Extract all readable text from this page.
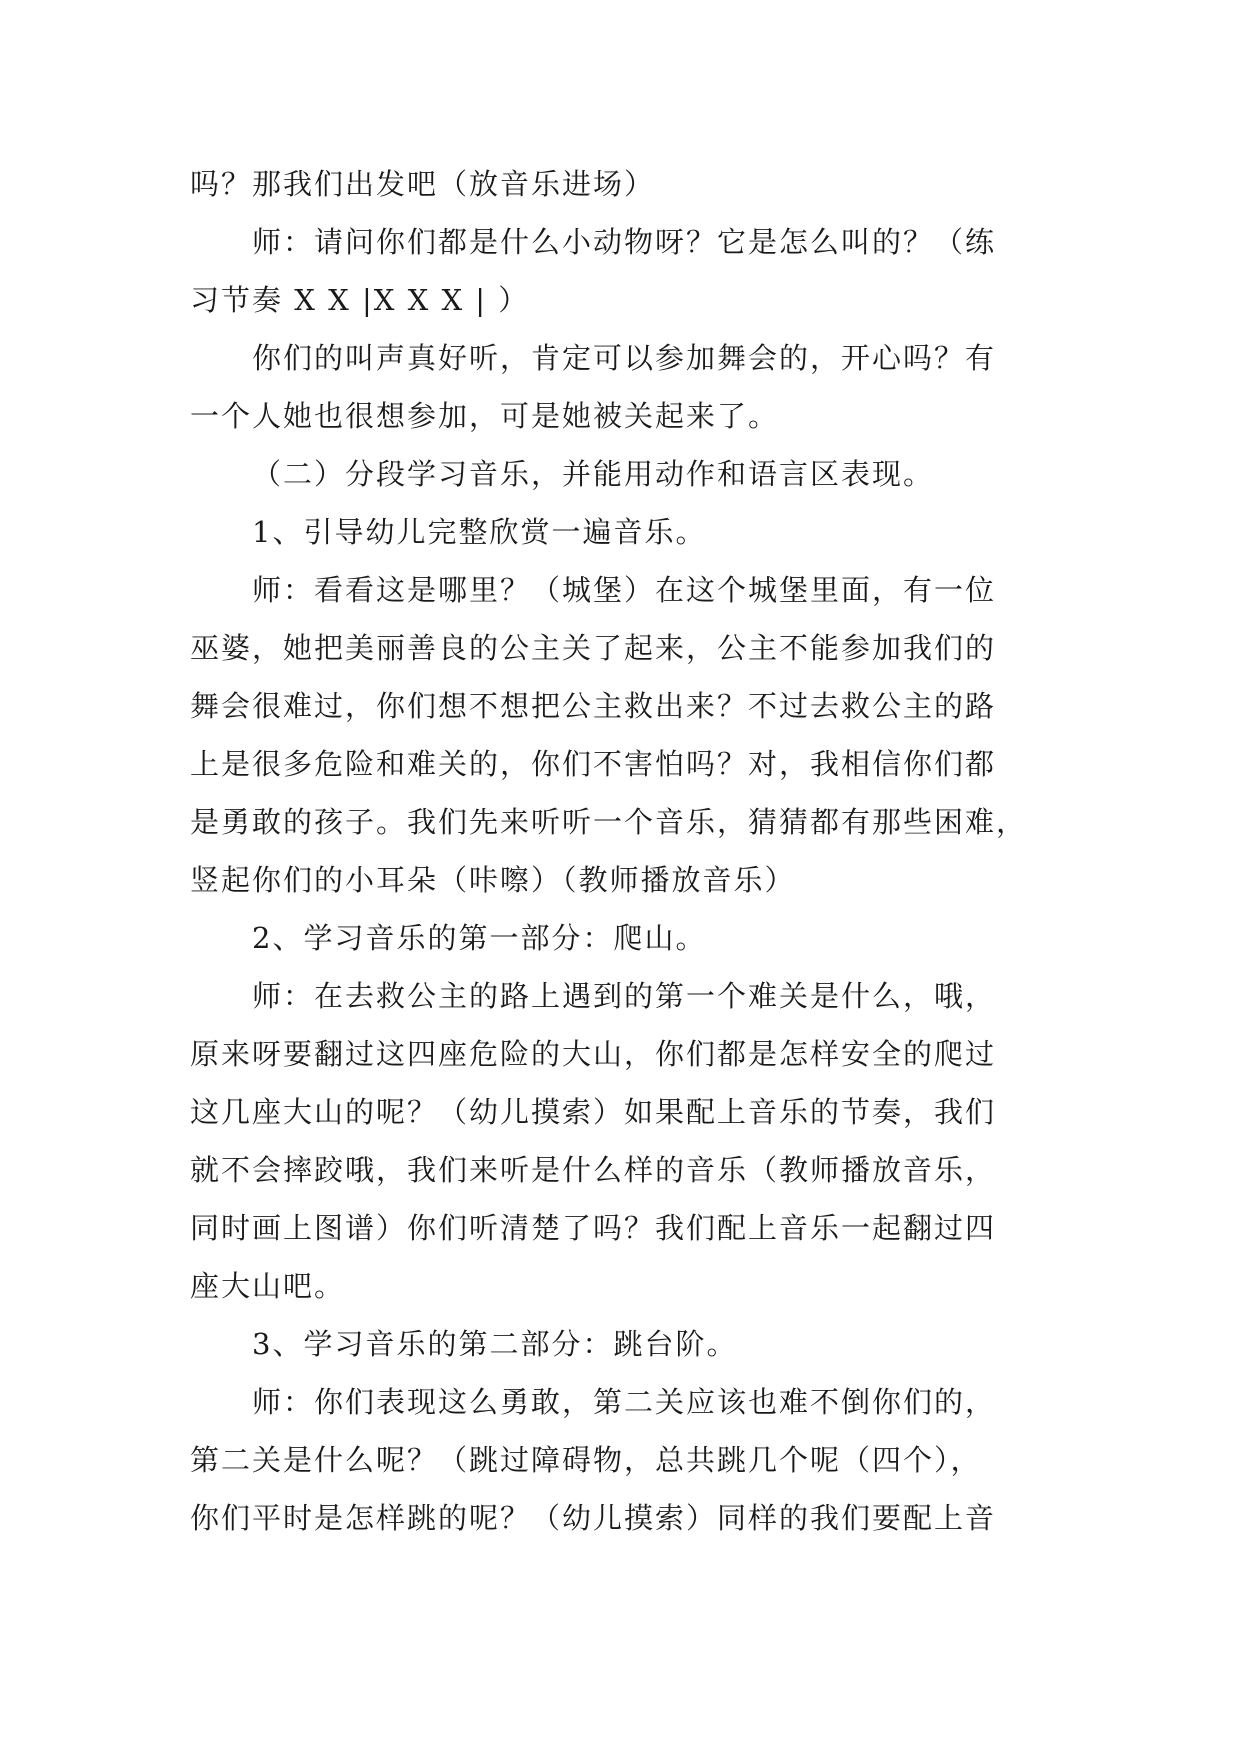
吗？那我们出发吧（放音乐进场）
师：请问你们都是什么小动物呀？它是怎么叫的？（练
习节奏 X X |X X X | ）
你们的叫声真好听，肯定可以参加舞会的，开心吗？有
一个人她也很想参加，可是她被关起来了。
（二）分段学习音乐，并能用动作和语言区表现。
1、引导幼儿完整欣赏一遍音乐。
师：看看这是哪里？（城堡）在这个城堡里面，有一位
巫婆，她把美丽善良的公主关了起来，公主不能参加我们的
舞会很难过，你们想不想把公主救出来？不过去救公主的路
上是很多危险和难关的，你们不害怕吗？对，我相信你们都
是勇敢的孩子。我们先来听听一个音乐，猜猜都有那些困难，
竖起你们的小耳朵（咔嚓）（教师播放音乐）
2、学习音乐的第一部分：爬山。
师：在去救公主的路上遇到的第一个难关是什么，哦，
原来呀要翻过这四座危险的大山，你们都是怎样安全的爬过
这几座大山的呢？（幼儿摸索）如果配上音乐的节奏，我们
就不会摔跤哦，我们来听是什么样的音乐（教师播放音乐，
同时画上图谱）你们听清楚了吗？我们配上音乐一起翻过四
座大山吧。
3、学习音乐的第二部分：跳台阶。
师：你们表现这么勇敢，第二关应该也难不倒你们的，
第二关是什么呢？（跳过障碍物，总共跳几个呢（四个），
你们平时是怎样跳的呢？（幼儿摸索）同样的我们要配上音
